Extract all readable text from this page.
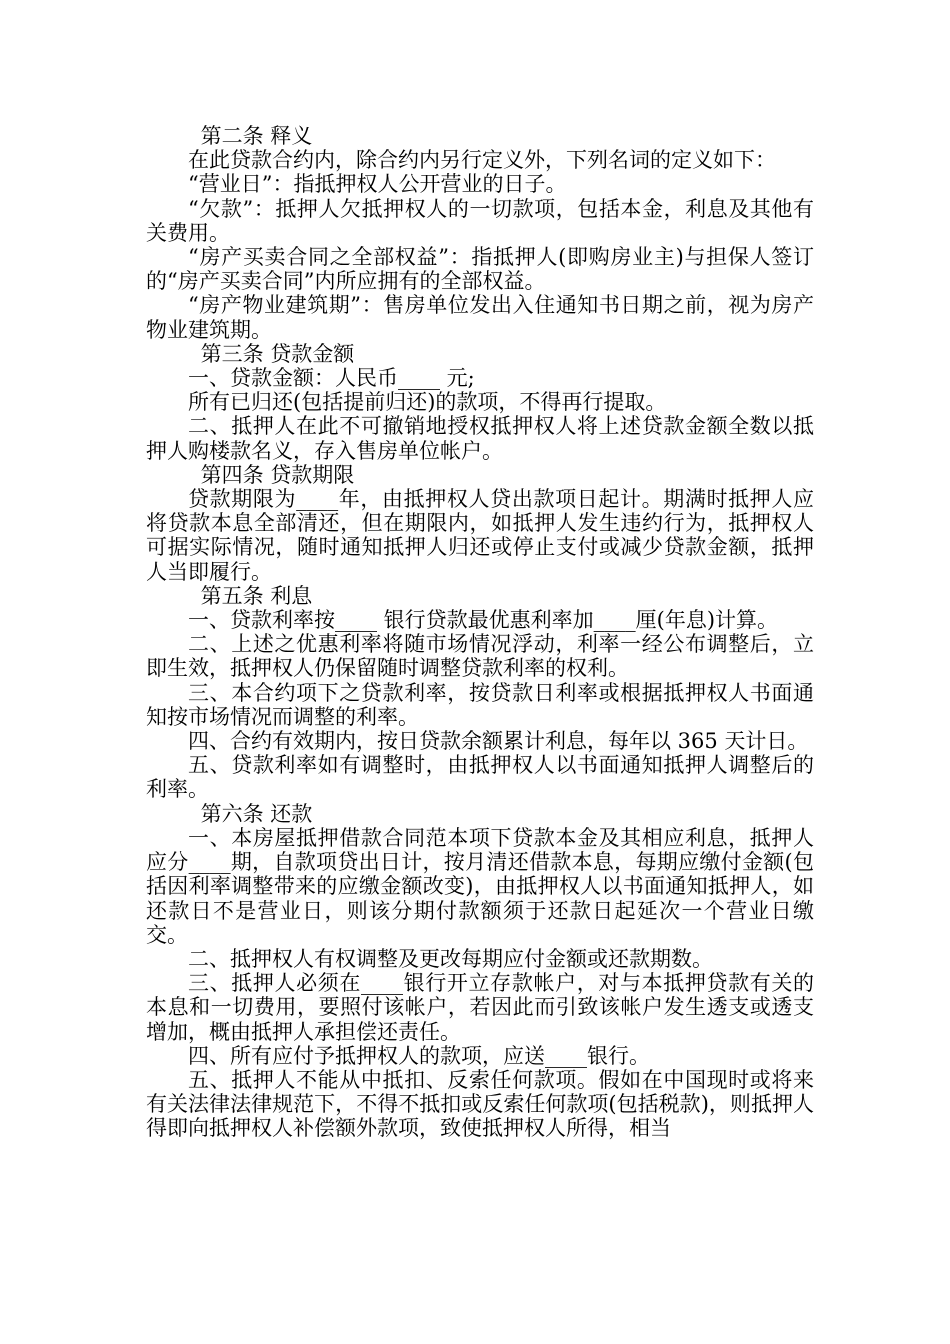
第二条 释义

在此贷款合约内，除合约内另行定义外，下列名词的定义如下：

“营业日”：指抵押权人公开营业的日子。

“欠款”：抵押人欠抵押权人的一切款项，包括本金，利息及其他有关费用。

“房产买卖合同之全部权益”：指抵押人(即购房业主)与担保人签订的“房产买卖合同”内所应拥有的全部权益。

“房产物业建筑期”：售房单位发出入住通知书日期之前，视为房产物业建筑期。

第三条 贷款金额

一、贷款金额：人民币____ 元;

所有已归还(包括提前归还)的款项，不得再行提取。

二、抵押人在此不可撤销地授权抵押权人将上述贷款金额全数以抵押人购楼款名义，存入售房单位帐户。

第四条 贷款期限

贷款期限为____年，由抵押权人贷出款项日起计。期满时抵押人应将贷款本息全部清还，但在期限内，如抵押人发生违约行为，抵押权人可据实际情况，随时通知抵押人归还或停止支付或减少贷款金额，抵押人当即履行。

第五条 利息

一、贷款利率按____ 银行贷款最优惠利率加____厘(年息)计算。

二、上述之优惠利率将随市场情况浮动，利率一经公布调整后，立即生效，抵押权人仍保留随时调整贷款利率的权利。

三、本合约项下之贷款利率，按贷款日利率或根据抵押权人书面通知按市场情况而调整的利率。

四、合约有效期内，按日贷款余额累计利息，每年以 365 天计日。

五、贷款利率如有调整时，由抵押权人以书面通知抵押人调整后的利率。

第六条 还款

一、本房屋抵押借款合同范本项下贷款本金及其相应利息，抵押人应分____期，自款项贷出日计，按月清还借款本息，每期应缴付金额(包括因利率调整带来的应缴金额改变)，由抵押权人以书面通知抵押人，如还款日不是营业日，则该分期付款额须于还款日起延次一个营业日缴交。

二、抵押权人有权调整及更改每期应付金额或还款期数。

三、抵押人必须在____银行开立存款帐户，对与本抵押贷款有关的本息和一切费用，要照付该帐户，若因此而引致该帐户发生透支或透支增加，概由抵押人承担偿还责任。

四、所有应付予抵押权人的款项，应送____银行。

五、抵押人不能从中抵扣、反索任何款项。假如在中国现时或将来有关法律法律规范下，不得不抵扣或反索任何款项(包括税款)，则抵押人得即向抵押权人补偿额外款项，致使抵押权人所得，相当
